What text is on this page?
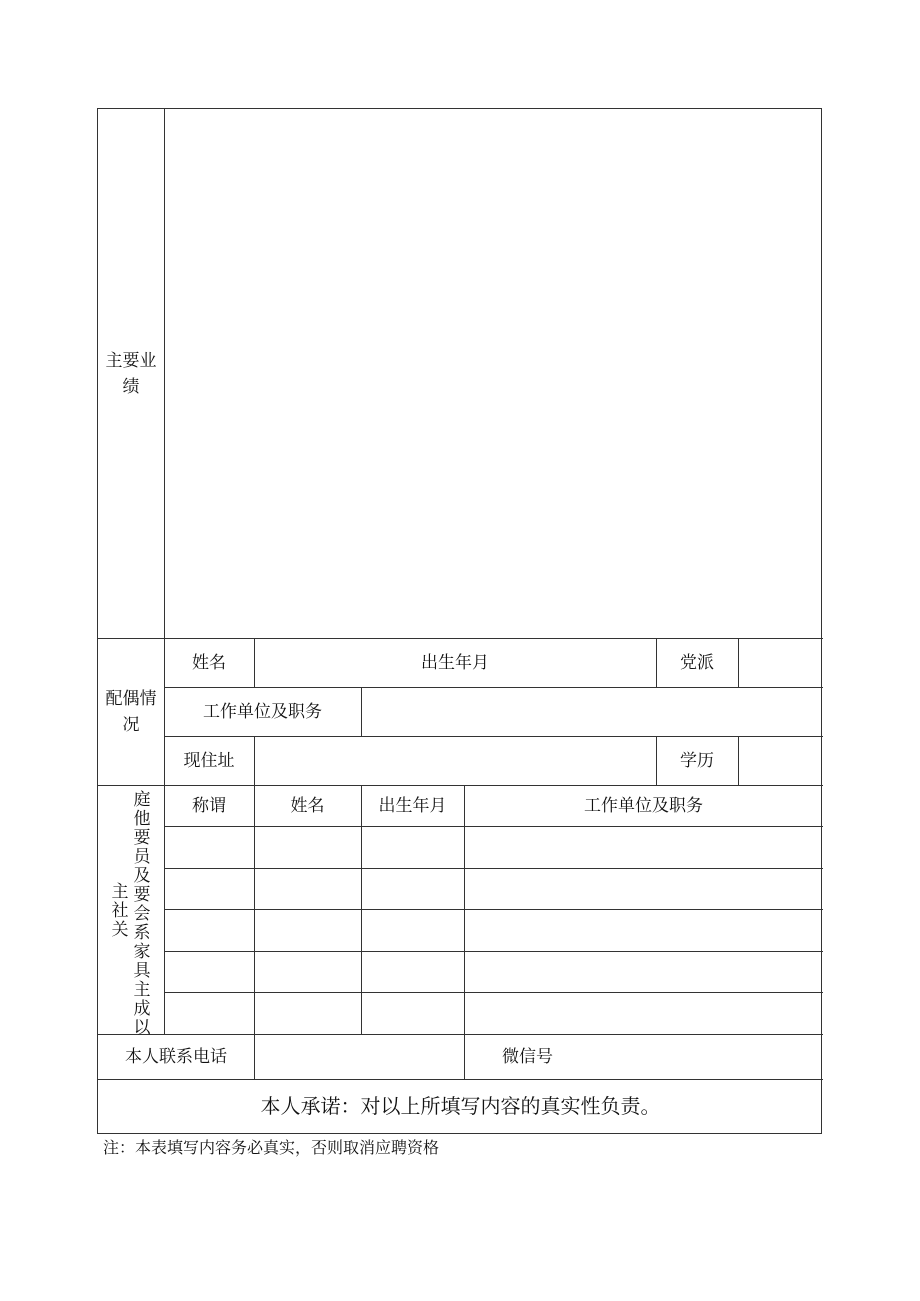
主要业绩
配偶情况
姓名	出生年月	党派
工作单位及职务
现住址	学历
主
社
关
庭
他
要
员
及
要
会
系
家
具
主
成
以
称谓	姓名	出生年月	工作单位及职务
本人联系电话	微信号
本人承诺：对以上所填写内容的真实性负责。
注：本表填写内容务必真实，否则取消应聘资格
